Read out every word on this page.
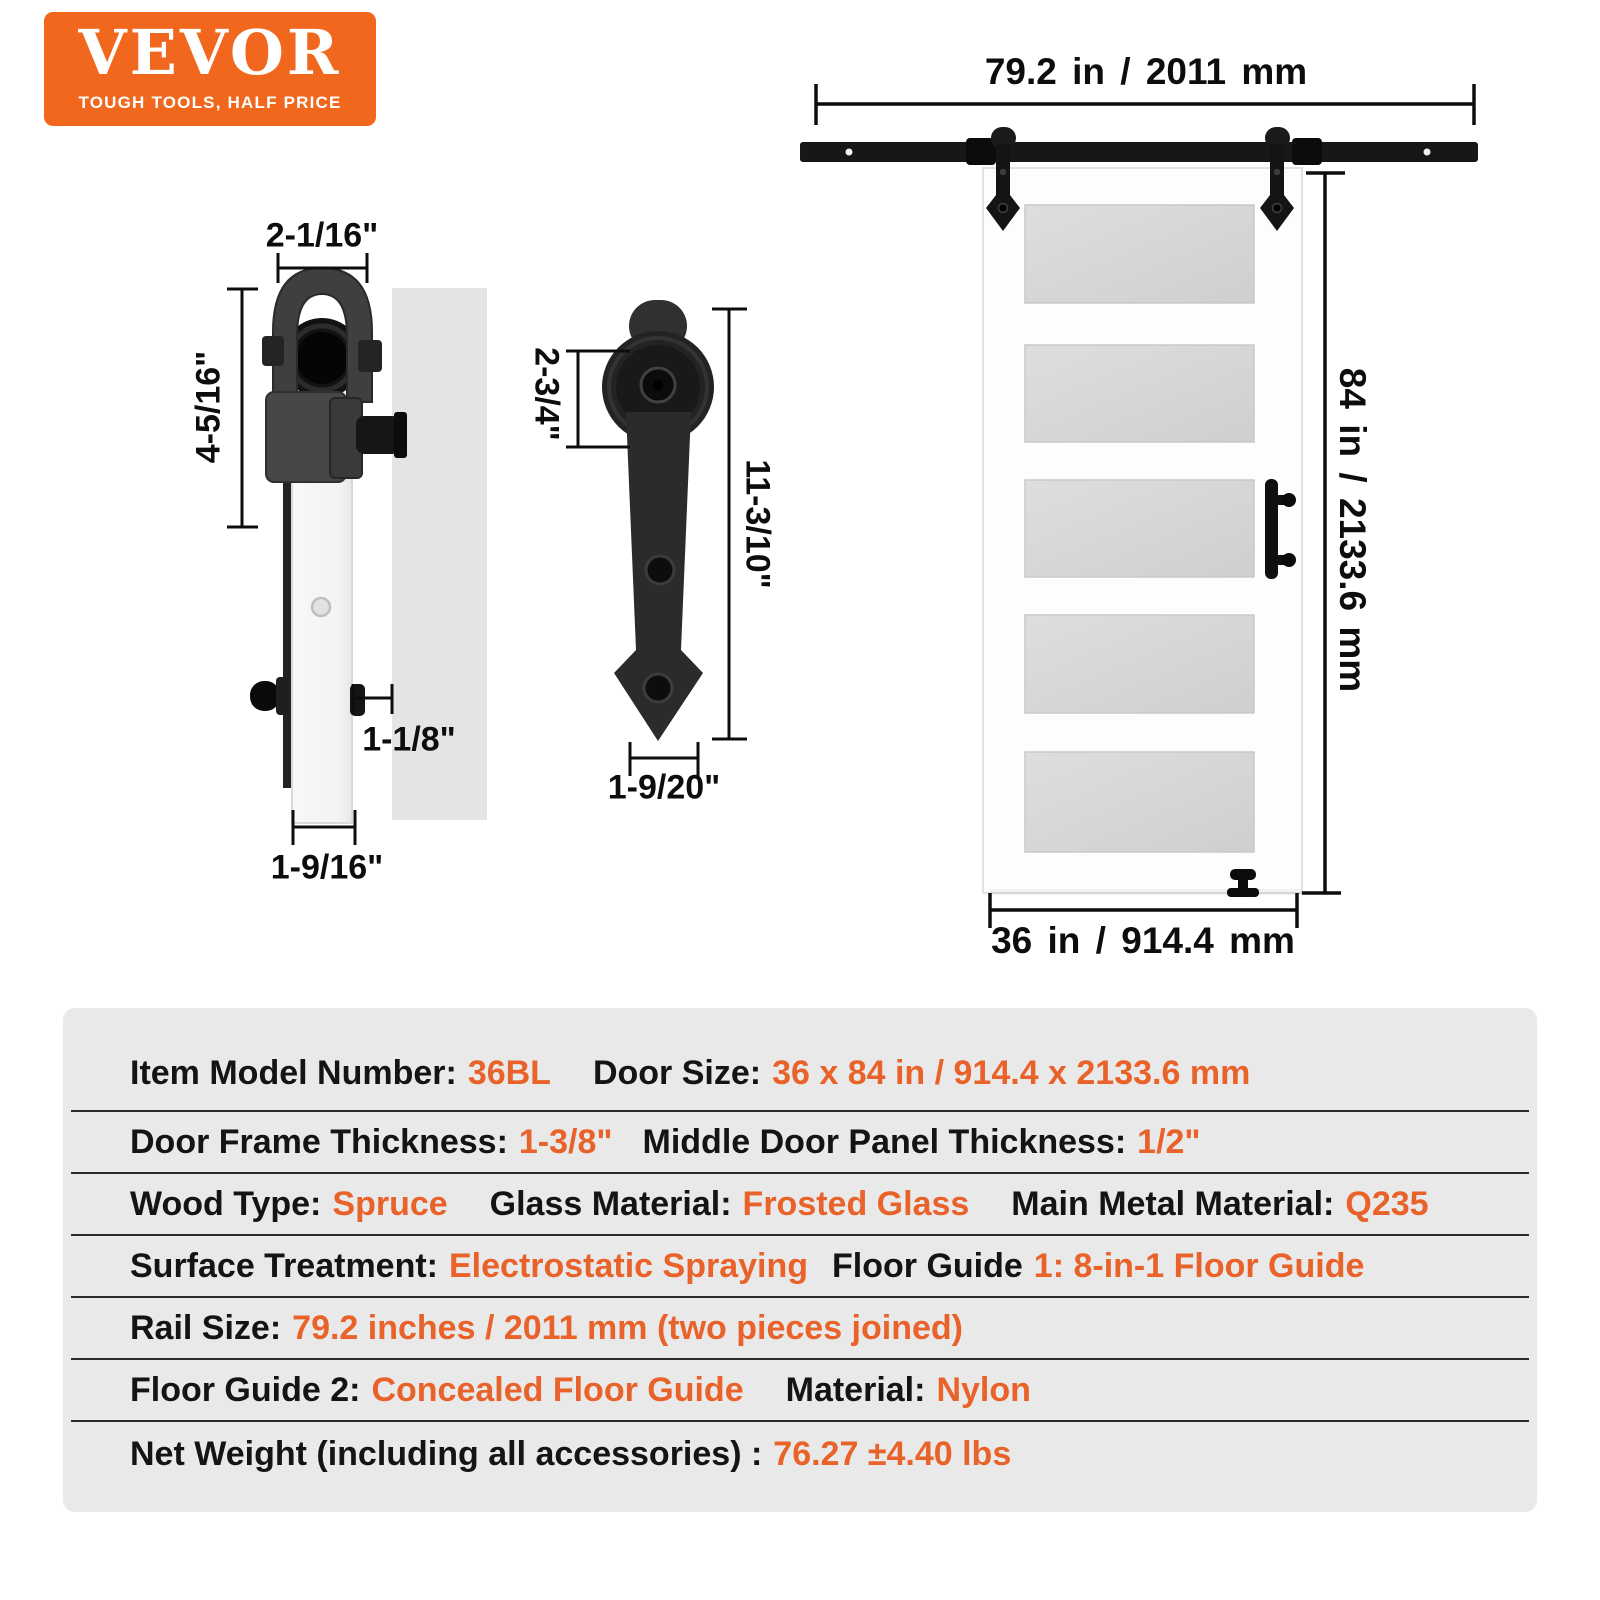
VEVOR
TOUGH TOOLS, HALF PRICE
79.2 in / 2011 mm
84 in / 2133.6 mm
36 in / 914.4 mm
2-1/16"
4-5/16"
1-1/8"
1-9/16"
2-3/4"
11-3/10"
1-9/20"
Item Model Number: 36BL Door Size: 36 x 84 in / 914.4 x 2133.6 mm
Door Frame Thickness: 1-3/8" Middle Door Panel Thickness: 1/2"
Wood Type: Spruce Glass Material: Frosted Glass Main Metal Material: Q235
Surface Treatment: Electrostatic Spraying Floor Guide 1: 8-in-1 Floor Guide
Rail Size: 79.2 inches / 2011 mm (two pieces joined)
Floor Guide 2: Concealed Floor Guide Material: Nylon
Net Weight (including all accessories) : 76.27 ±4.40 lbs
